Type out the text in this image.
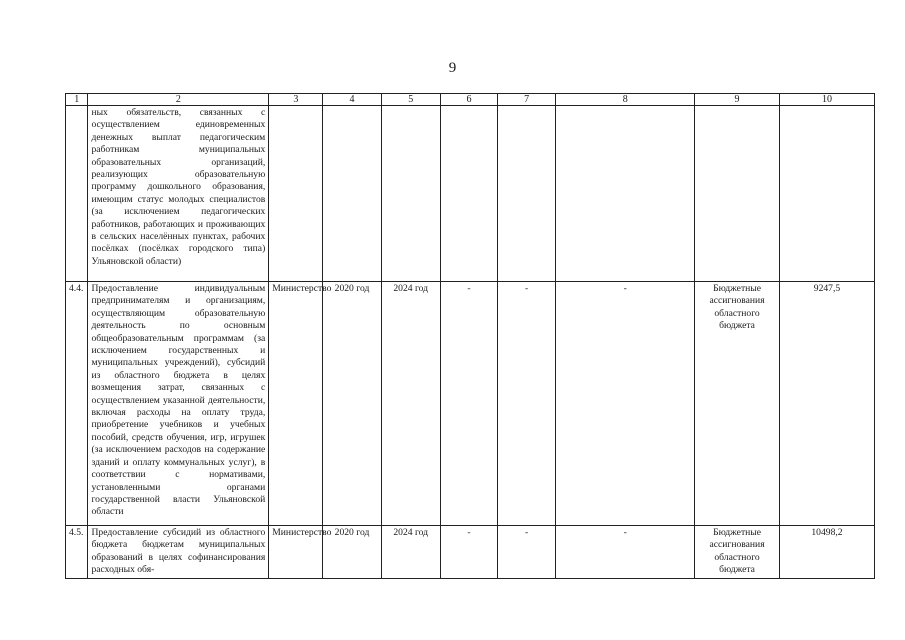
9
1	2	3	4	5	6	7	8	9	10
	ных обязательств, связанных с осуществлением единовременных денежных выплат педагогическим работникам муниципальных образовательных организаций, реализующих образовательную программу дошкольного образования, имеющим статус молодых специалистов (за исключением педагогических работников, работающих и проживающих в сельских населённых пунктах, рабочих посёлках (посёлках городского типа) Ульяновской области)								
4.4.	Предоставление индивидуальным предпринимателям и организациям, осуществляющим образовательную деятельность по основным общеобразовательным программам (за исключением государственных и муниципальных учреждений), субсидий из областного бюджета в целях возмещения затрат, связанных с осуществлением указанной деятельности, включая расходы на оплату труда, приобретение учебников и учебных пособий, средств обучения, игр, игрушек (за исключением расходов на содержание зданий и оплату коммунальных услуг), в соответствии с нормативами, установленными органами государственной власти Ульяновской области	Министерство	2020 год	2024 год	-	-	-	Бюджетные ассигнования областного бюджета	9247,5
4.5.	Предоставление субсидий из областного бюджета бюджетам муниципальных образований в целях софинансирования расходных обя-	Министерство	2020 год	2024 год	-	-	-	Бюджетные ассигнования областного бюджета	10498,2
